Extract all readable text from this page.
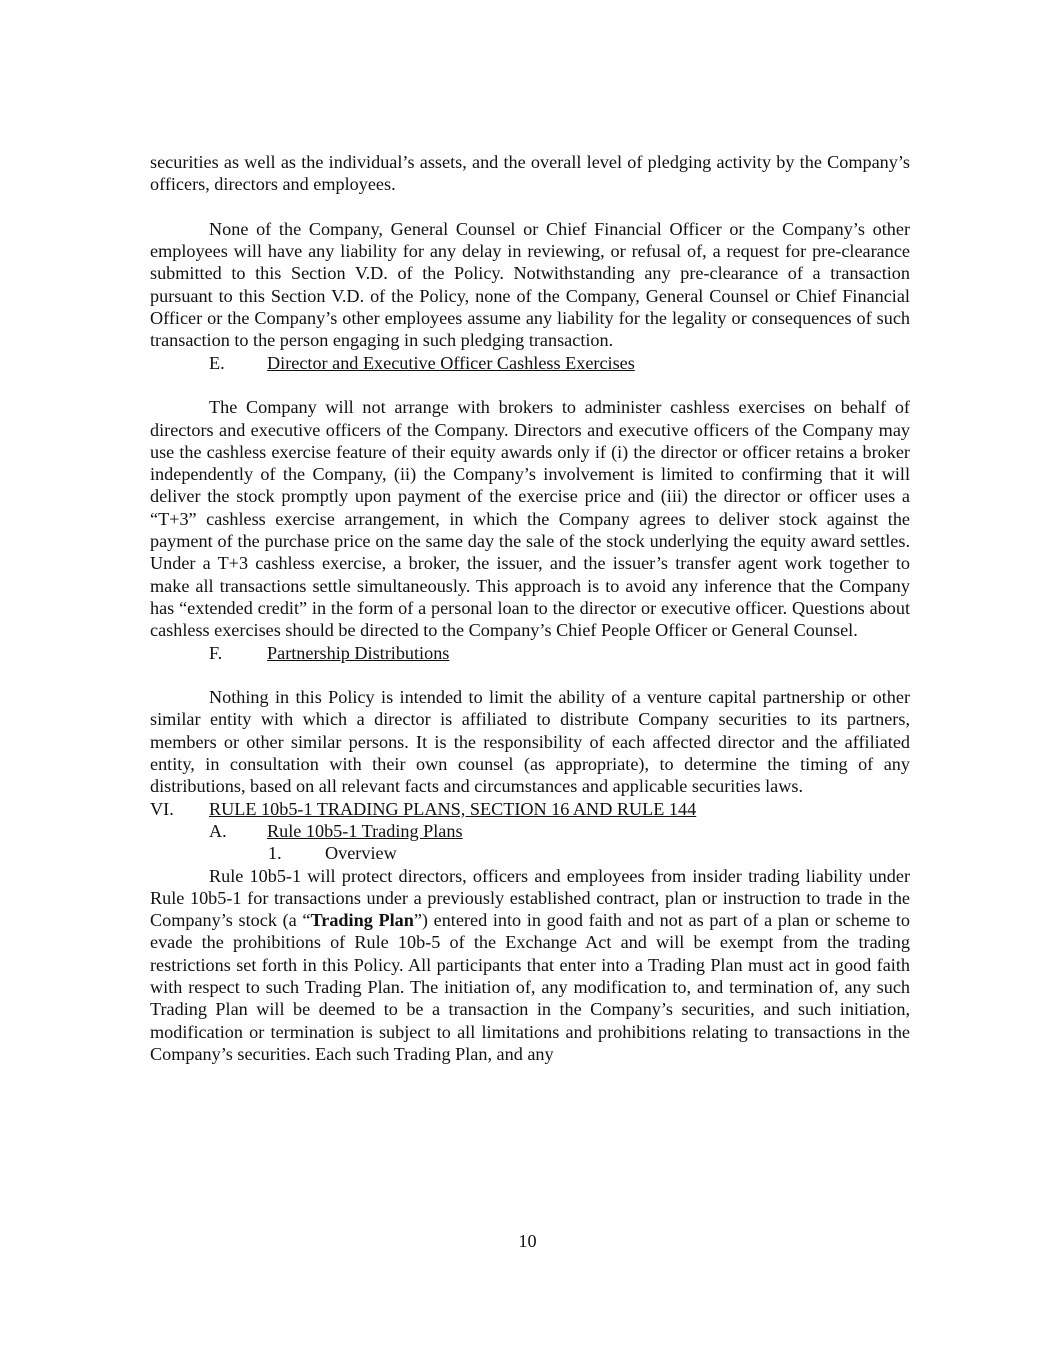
securities as well as the individual’s assets, and the overall level of pledging activity by the Company’s officers, directors and employees.

None of the Company, General Counsel or Chief Financial Officer or the Company’s other employees will have any liability for any delay in reviewing, or refusal of, a request for pre-clearance submitted to this Section V.D. of the Policy. Notwithstanding any pre-clearance of a transaction pursuant to this Section V.D. of the Policy, none of the Company, General Counsel or Chief Financial Officer or the Company’s other employees assume any liability for the legality or consequences of such transaction to the person engaging in such pledging transaction.

E. Director and Executive Officer Cashless Exercises

The Company will not arrange with brokers to administer cashless exercises on behalf of directors and executive officers of the Company. Directors and executive officers of the Company may use the cashless exercise feature of their equity awards only if (i) the director or officer retains a broker independently of the Company, (ii) the Company’s involvement is limited to confirming that it will deliver the stock promptly upon payment of the exercise price and (iii) the director or officer uses a “T+3” cashless exercise arrangement, in which the Company agrees to deliver stock against the payment of the purchase price on the same day the sale of the stock underlying the equity award settles. Under a T+3 cashless exercise, a broker, the issuer, and the issuer’s transfer agent work together to make all transactions settle simultaneously. This approach is to avoid any inference that the Company has “extended credit” in the form of a personal loan to the director or executive officer. Questions about cashless exercises should be directed to the Company’s Chief People Officer or General Counsel.

F. Partnership Distributions

Nothing in this Policy is intended to limit the ability of a venture capital partnership or other similar entity with which a director is affiliated to distribute Company securities to its partners, members or other similar persons. It is the responsibility of each affected director and the affiliated entity, in consultation with their own counsel (as appropriate), to determine the timing of any distributions, based on all relevant facts and circumstances and applicable securities laws.

VI. RULE 10b5-1 TRADING PLANS, SECTION 16 AND RULE 144
A. Rule 10b5-1 Trading Plans
1. Overview

Rule 10b5-1 will protect directors, officers and employees from insider trading liability under Rule 10b5-1 for transactions under a previously established contract, plan or instruction to trade in the Company’s stock (a “Trading Plan”) entered into in good faith and not as part of a plan or scheme to evade the prohibitions of Rule 10b-5 of the Exchange Act and will be exempt from the trading restrictions set forth in this Policy. All participants that enter into a Trading Plan must act in good faith with respect to such Trading Plan. The initiation of, any modification to, and termination of, any such Trading Plan will be deemed to be a transaction in the Company’s securities, and such initiation, modification or termination is subject to all limitations and prohibitions relating to transactions in the Company’s securities. Each such Trading Plan, and any

10
